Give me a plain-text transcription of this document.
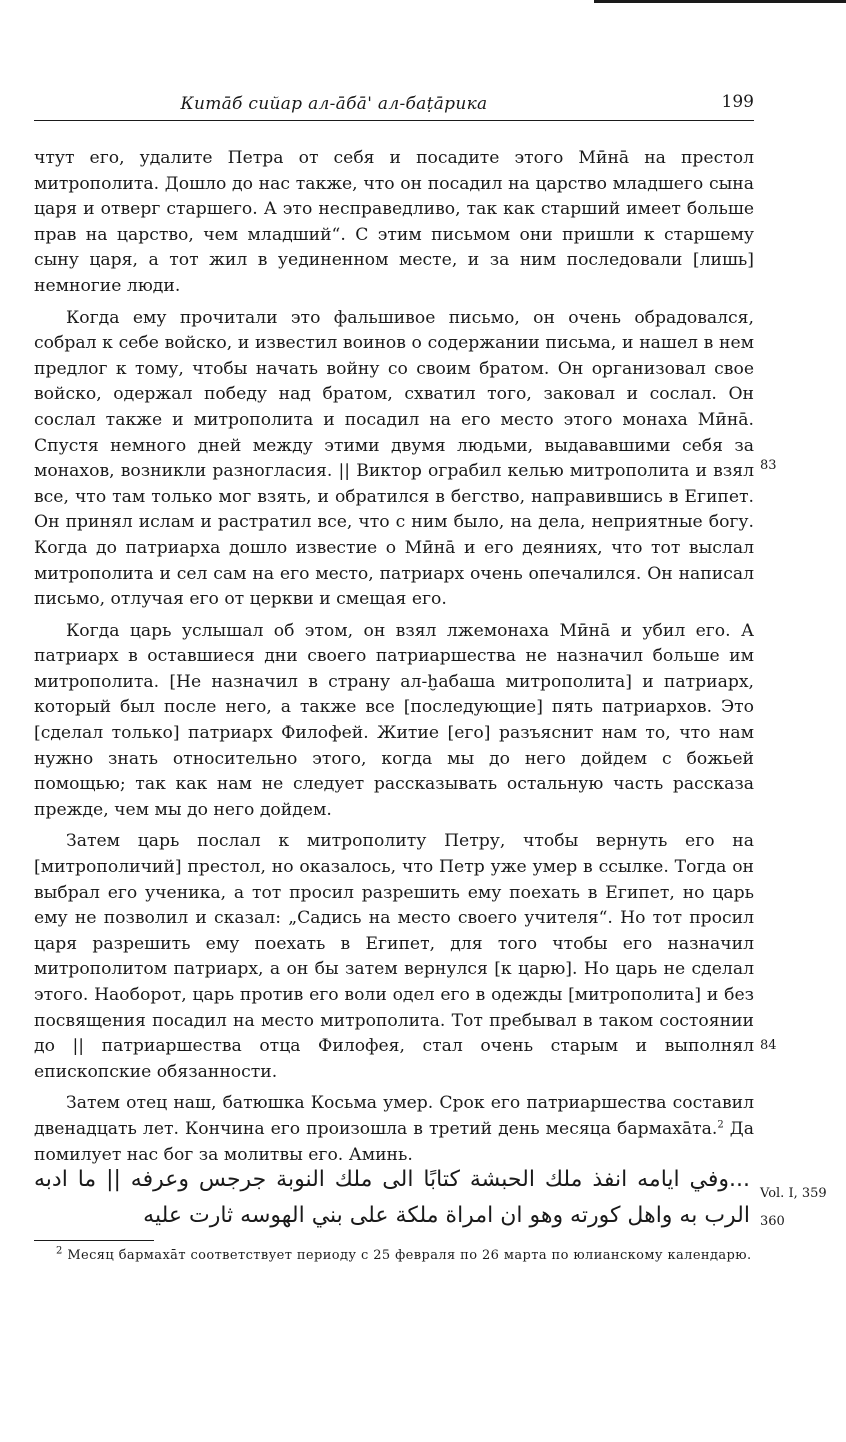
Китāб сийар ал-āбā' ал-баṭāрика	199

чтут его, удалите Петра от себя и посадите этого Мӣнā на престол митрополита. Дошло до нас также, что он посадил на царство младшего сына царя и отверг старшего. А это несправедливо, так как старший имеет больше прав на царство, чем младший“. С этим письмом они пришли к старшему сыну царя, а тот жил в уединенном месте, и за ним последовали [лишь] немногие люди.

Когда ему прочитали это фальшивое письмо, он очень обрадовался, собрал к себе войско, и известил воинов о содержании письма, и нашел в нем предлог к тому, чтобы начать войну со своим братом. Он организовал свое войско, одержал победу над братом, схватил того, заковал и сослал. Он сослал также и митрополита и посадил на его место этого монаха Мӣнā. Спустя немного дней между этими двумя людьми, выдававшими себя за монахов, возникли разногласия. || Виктор ограбил келью митрополита и взял все, что там только мог взять, и обратился в бегство, направившись в Египет. Он принял ислам и растратил все, что с ним было, на дела, неприятные богу. Когда до патриарха дошло известие о Мӣнā и его деяниях, что тот выслал митрополита и сел сам на его место, патриарх очень опечалился. Он написал письмо, отлучая его от церкви и смещая его.

Когда царь услышал об этом, он взял лжемонаха Мӣнā и убил его. А патриарх в оставшиеся дни своего патриаршества не назначил больше им митрополита. [Не назначил в страну ал-ḫабаша митрополита] и патриарх, который был после него, а также все [последующие] пять патриархов. Это [сделал только] патриарх Филофей. Житие [его] разъяснит нам то, что нам нужно знать относительно этого, когда мы до него дойдем с божьей помощью; так как нам не следует рассказывать остальную часть рассказа прежде, чем мы до него дойдем.

Затем царь послал к митрополиту Петру, чтобы вернуть его на [митрополичий] престол, но оказалось, что Петр уже умер в ссылке. Тогда он выбрал его ученика, а тот просил разрешить ему поехать в Египет, но царь ему не позволил и сказал: „Садись на место своего учителя“. Но тот просил царя разрешить ему поехать в Египет, для того чтобы его назначил митрополитом патриарх, а он бы затем вернулся [к царю]. Но царь не сделал этого. Наоборот, царь против его воли одел его в одежды [митрополита] и без посвящения посадил на место митрополита. Тот пребывал в таком состоянии до || патриаршества отца Филофея, стал очень старым и выполнял епископские обязанности.

Затем отец наш, батюшка Косьма умер. Срок его патриаршества составил двенадцать лет. Кончина его произошла в третий день месяца бармахāта.$^2$ Да помилует нас бог за молитвы его. Аминь.

83
84
Vol. I, 359
360
...وفي ايامه انفذ ملك الحبشة كتابًا الى ملك النوبة جرجس وعرفه || ما ادبه الرب به واهل كورته وهو ان امراة ملكة على بني الهوسه ثارت عليه
$^2$ Месяц бармахāт соответствует периоду с 25 февраля по 26 марта по юлианскому календарю.
